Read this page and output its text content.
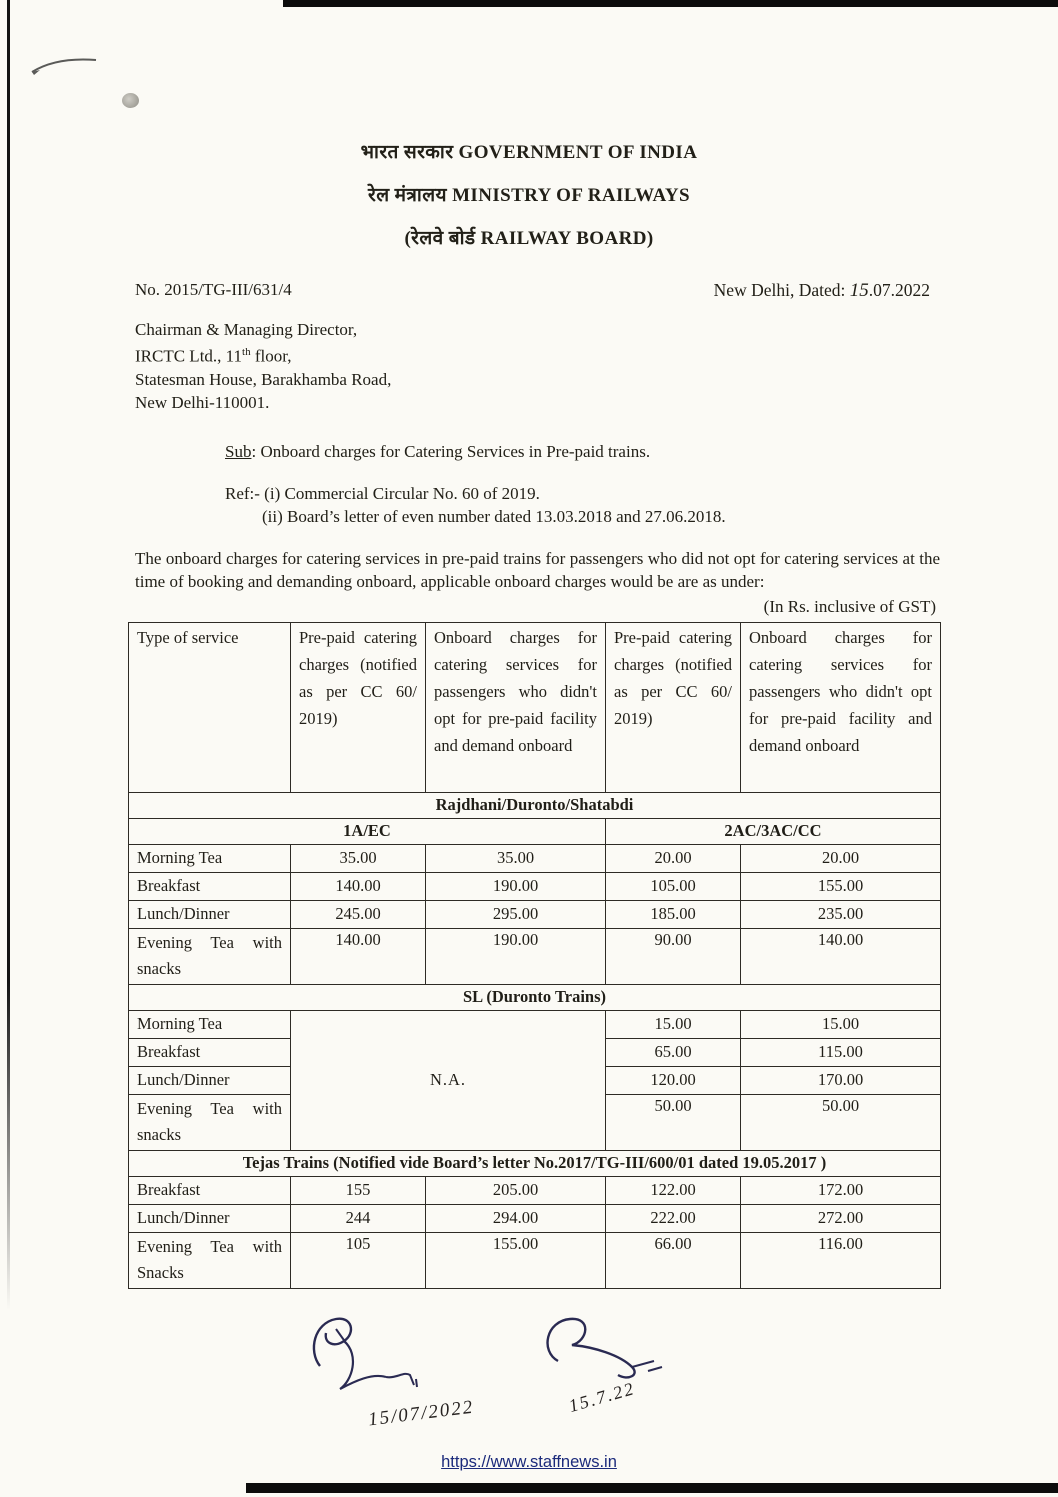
भारत सरकार GOVERNMENT OF INDIA
रेल मंत्रालय MINISTRY OF RAILWAYS
(रेलवे बोर्ड RAILWAY BOARD)
No. 2015/TG-III/631/4	New Delhi, Dated: 15.07.2022
Chairman & Managing Director,
IRCTC Ltd., 11th floor,
Statesman House, Barakhamba Road,
New Delhi-110001.
Sub: Onboard charges for Catering Services in Pre-paid trains.
Ref:- (i) Commercial Circular No. 60 of 2019.
(ii) Board’s letter of even number dated 13.03.2018 and 27.06.2018.
The onboard charges for catering services in pre-paid trains for passengers who did not opt for catering services at the time of booking and demanding onboard, applicable onboard charges would be are as under:
(In Rs. inclusive of GST)
Type of service	Pre-paid catering charges (notified as per CC 60/ 2019)	Onboard charges for catering services for passengers who didn't opt for pre-paid facility and demand onboard	Pre-paid catering charges (notified as per CC 60/ 2019)	Onboard charges for catering services for passengers who didn't opt for pre-paid facility and demand onboard
Rajdhani/Duronto/Shatabdi				
1A/EC			2AC/3AC/CC	
Morning Tea	35.00	35.00	20.00	20.00
Breakfast	140.00	190.00	105.00	155.00
Lunch/Dinner	245.00	295.00	185.00	235.00
Evening Tea with snacks	140.00	190.00	90.00	140.00
SL (Duronto Trains)				
Morning Tea	N.A.		15.00	15.00
Breakfast			65.00	115.00
Lunch/Dinner			120.00	170.00
Evening Tea with snacks			50.00	50.00
Tejas Trains (Notified vide Board’s letter No.2017/TG-III/600/01 dated 19.05.2017 )				
Breakfast	155	205.00	122.00	172.00
Lunch/Dinner	244	294.00	222.00	272.00
Evening Tea with Snacks	105	155.00	66.00	116.00
15/07/2022	15.7.22
https://www.staffnews.in
